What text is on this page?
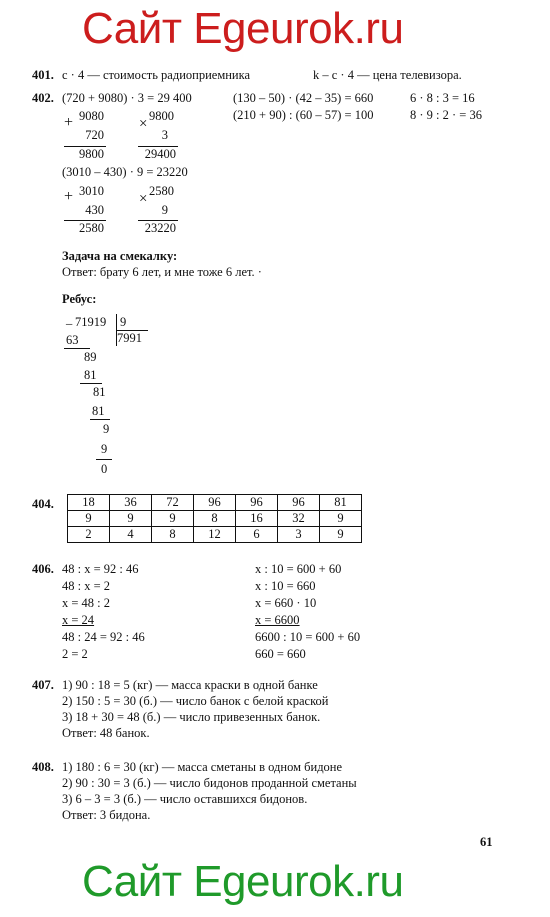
Сайт Egeurok.ru
401. c · 4 — стоимость радиоприемника	k – c · 4 — цена телевизора.
402. (720 + 9080) · 3 = 29 400	(130 – 50) · (42 – 35) = 660	6 · 8 : 3 = 16
(210 + 90) : (60 – 57) = 100	8 · 9 : 2 · = 36
+ 9080
720
9800
× 9800
3
29400
(3010 – 430) · 9 = 23220
+ 3010
430
2580
× 2580
9
23220
Задача на смекалку:
Ответ: брату 6 лет, и мне тоже 6 лет. ·
Ребус:
_ 71919 9
7991
63
89
81
81
81
9
9
0
404. 18	36	72	96	96	96	81
9	9	9	8	16	32	9
2	4	8	12	6	3	9
406. 48 : x = 92 : 46
48 : x = 2
x = 48 : 2
x = 24
48 : 24 = 92 : 46
2 = 2
x : 10 = 600 + 60
x : 10 = 660
x = 660 · 10
x = 6600
6600 : 10 = 600 + 60
660 = 660
407. 1) 90 : 18 = 5 (кг) — масса краски в одной банке
2) 150 : 5 = 30 (б.) — число банок с белой краской
3) 18 + 30 = 48 (б.) — число привезенных банок.
Ответ: 48 банок.
408. 1) 180 : 6 = 30 (кг) — масса сметаны в одном бидоне
2) 90 : 30 = 3 (б.) — число бидонов проданной сметаны
3) 6 – 3 = 3 (б.) — число оставшихся бидонов.
Ответ: 3 бидона.
61
Сайт Egeurok.ru
